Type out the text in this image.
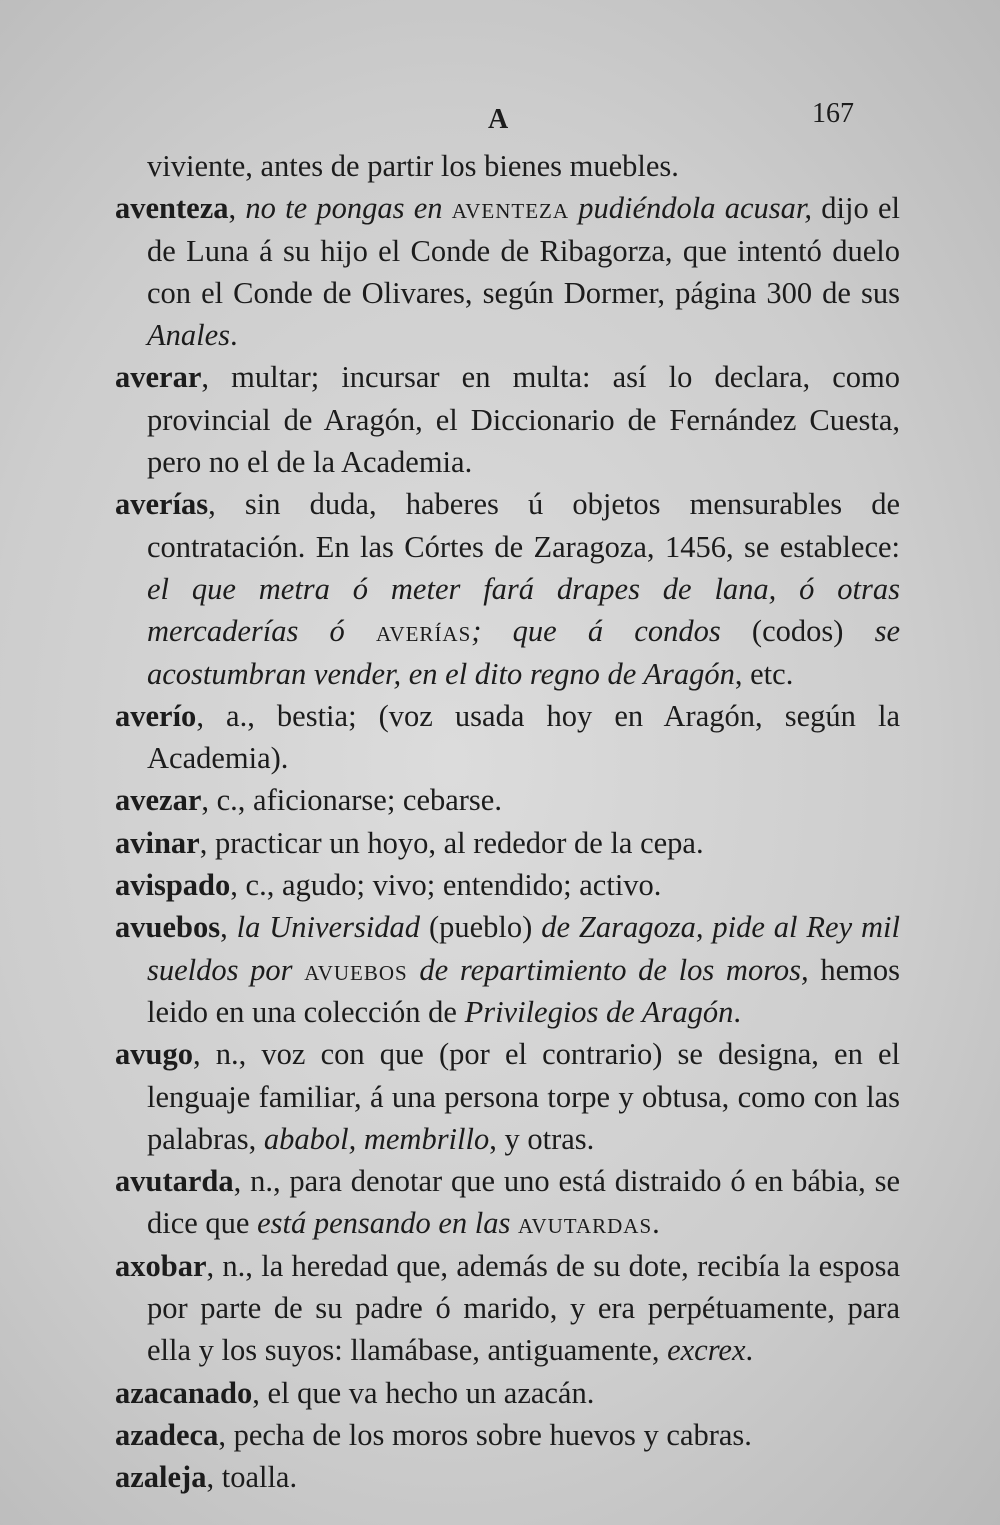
A	167

viviente, antes de partir los bienes muebles.

aventeza, no te pongas en aventeza pudiéndola acusar, dijo el de Luna á su hijo el Conde de Ribagorza, que intentó duelo con el Conde de Olivares, según Dormer, página 300 de sus Anales.

averar, multar; incursar en multa: así lo declara, como provincial de Aragón, el Diccionario de Fernández Cuesta, pero no el de la Academia.

averías, sin duda, haberes ú objetos mensurables de contratación. En las Córtes de Zaragoza, 1456, se establece: el que metra ó meter fará drapes de lana, ó otras mercaderías ó averías; que á condos (codos) se acostumbran vender, en el dito regno de Aragón, etc.

averío, a., bestia; (voz usada hoy en Aragón, según la Academia).

avezar, c., aficionarse; cebarse.

avinar, practicar un hoyo, al rededor de la cepa.

avispado, c., agudo; vivo; entendido; activo.

avuebos, la Universidad (pueblo) de Zaragoza, pide al Rey mil sueldos por avuebos de repartimiento de los moros, hemos leido en una colección de Privilegios de Aragón.

avugo, n., voz con que (por el contrario) se designa, en el lenguaje familiar, á una persona torpe y obtusa, como con las palabras, ababol, membrillo, y otras.

avutarda, n., para denotar que uno está distraido ó en bábia, se dice que está pensando en las avutardas.

axobar, n., la heredad que, además de su dote, recibía la esposa por parte de su padre ó marido, y era perpétuamente, para ella y los suyos: llamábase, antiguamente, excrex.

azacanado, el que va hecho un azacán.

azadeca, pecha de los moros sobre huevos y cabras.

azaleja, toalla.
